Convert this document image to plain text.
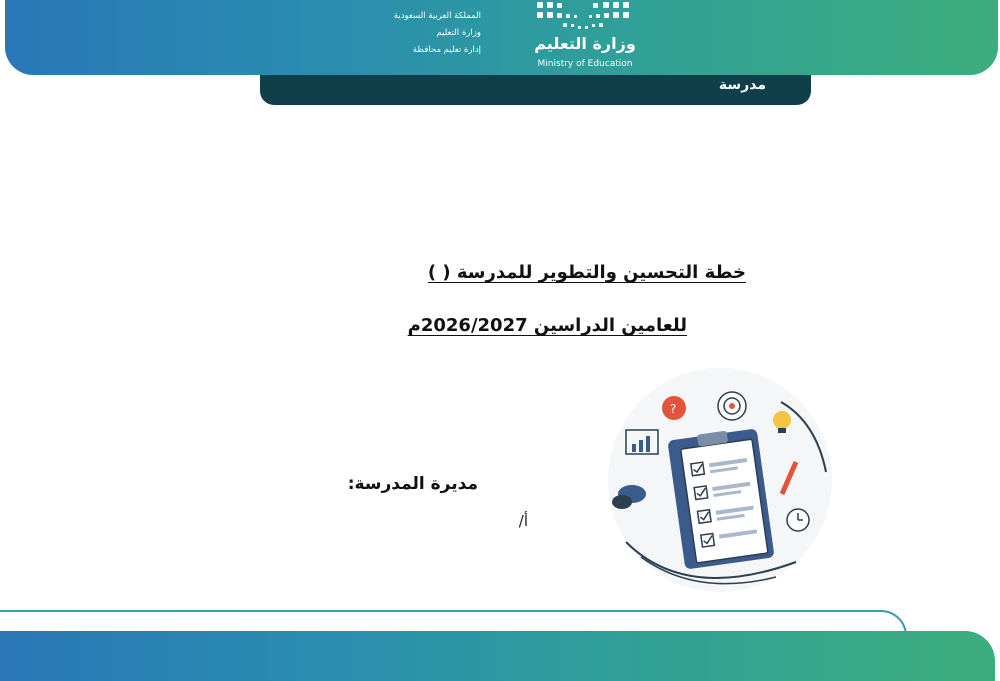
المملكة العربية السعودية
وزارة التعليم
إدارة تعليم محافظة	وزارة التعليم
Ministry of Education
مدرسة
خطة التحسين والتطوير للمدرسة ( )
للعامين الدراسين 2026/2027م
مديرة المدرسة:
أ/
?
